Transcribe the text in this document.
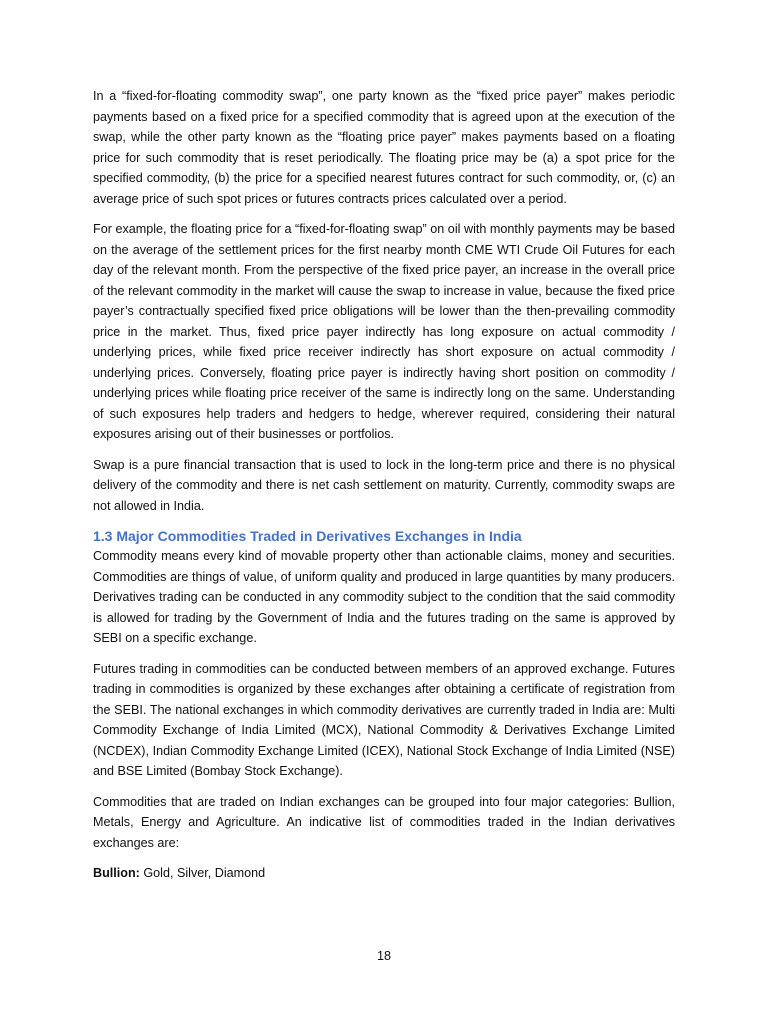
In a “fixed-for-floating commodity swap”, one party known as the “fixed price payer” makes periodic payments based on a fixed price for a specified commodity that is agreed upon at the execution of the swap, while the other party known as the “floating price payer” makes payments based on a floating price for such commodity that is reset periodically. The floating price may be (a) a spot price for the specified commodity, (b) the price for a specified nearest futures contract for such commodity, or, (c) an average price of such spot prices or futures contracts prices calculated over a period.

For example, the floating price for a “fixed-for-floating swap” on oil with monthly payments may be based on the average of the settlement prices for the first nearby month CME WTI Crude Oil Futures for each day of the relevant month. From the perspective of the fixed price payer, an increase in the overall price of the relevant commodity in the market will cause the swap to increase in value, because the fixed price payer’s contractually specified fixed price obligations will be lower than the then-prevailing commodity price in the market. Thus, fixed price payer indirectly has long exposure on actual commodity / underlying prices, while fixed price receiver indirectly has short exposure on actual commodity / underlying prices. Conversely, floating price payer is indirectly having short position on commodity / underlying prices while floating price receiver of the same is indirectly long on the same. Understanding of such exposures help traders and hedgers to hedge, wherever required, considering their natural exposures arising out of their businesses or portfolios.

Swap is a pure financial transaction that is used to lock in the long-term price and there is no physical delivery of the commodity and there is net cash settlement on maturity. Currently, commodity swaps are not allowed in India.

1.3 Major Commodities Traded in Derivatives Exchanges in India

Commodity means every kind of movable property other than actionable claims, money and securities. Commodities are things of value, of uniform quality and produced in large quantities by many producers. Derivatives trading can be conducted in any commodity subject to the condition that the said commodity is allowed for trading by the Government of India and the futures trading on the same is approved by SEBI on a specific exchange.

Futures trading in commodities can be conducted between members of an approved exchange. Futures trading in commodities is organized by these exchanges after obtaining a certificate of registration from the SEBI. The national exchanges in which commodity derivatives are currently traded in India are: Multi Commodity Exchange of India Limited (MCX), National Commodity & Derivatives Exchange Limited (NCDEX), Indian Commodity Exchange Limited (ICEX), National Stock Exchange of India Limited (NSE) and BSE Limited (Bombay Stock Exchange).

Commodities that are traded on Indian exchanges can be grouped into four major categories: Bullion, Metals, Energy and Agriculture. An indicative list of commodities traded in the Indian derivatives exchanges are:

Bullion: Gold, Silver, Diamond

18
